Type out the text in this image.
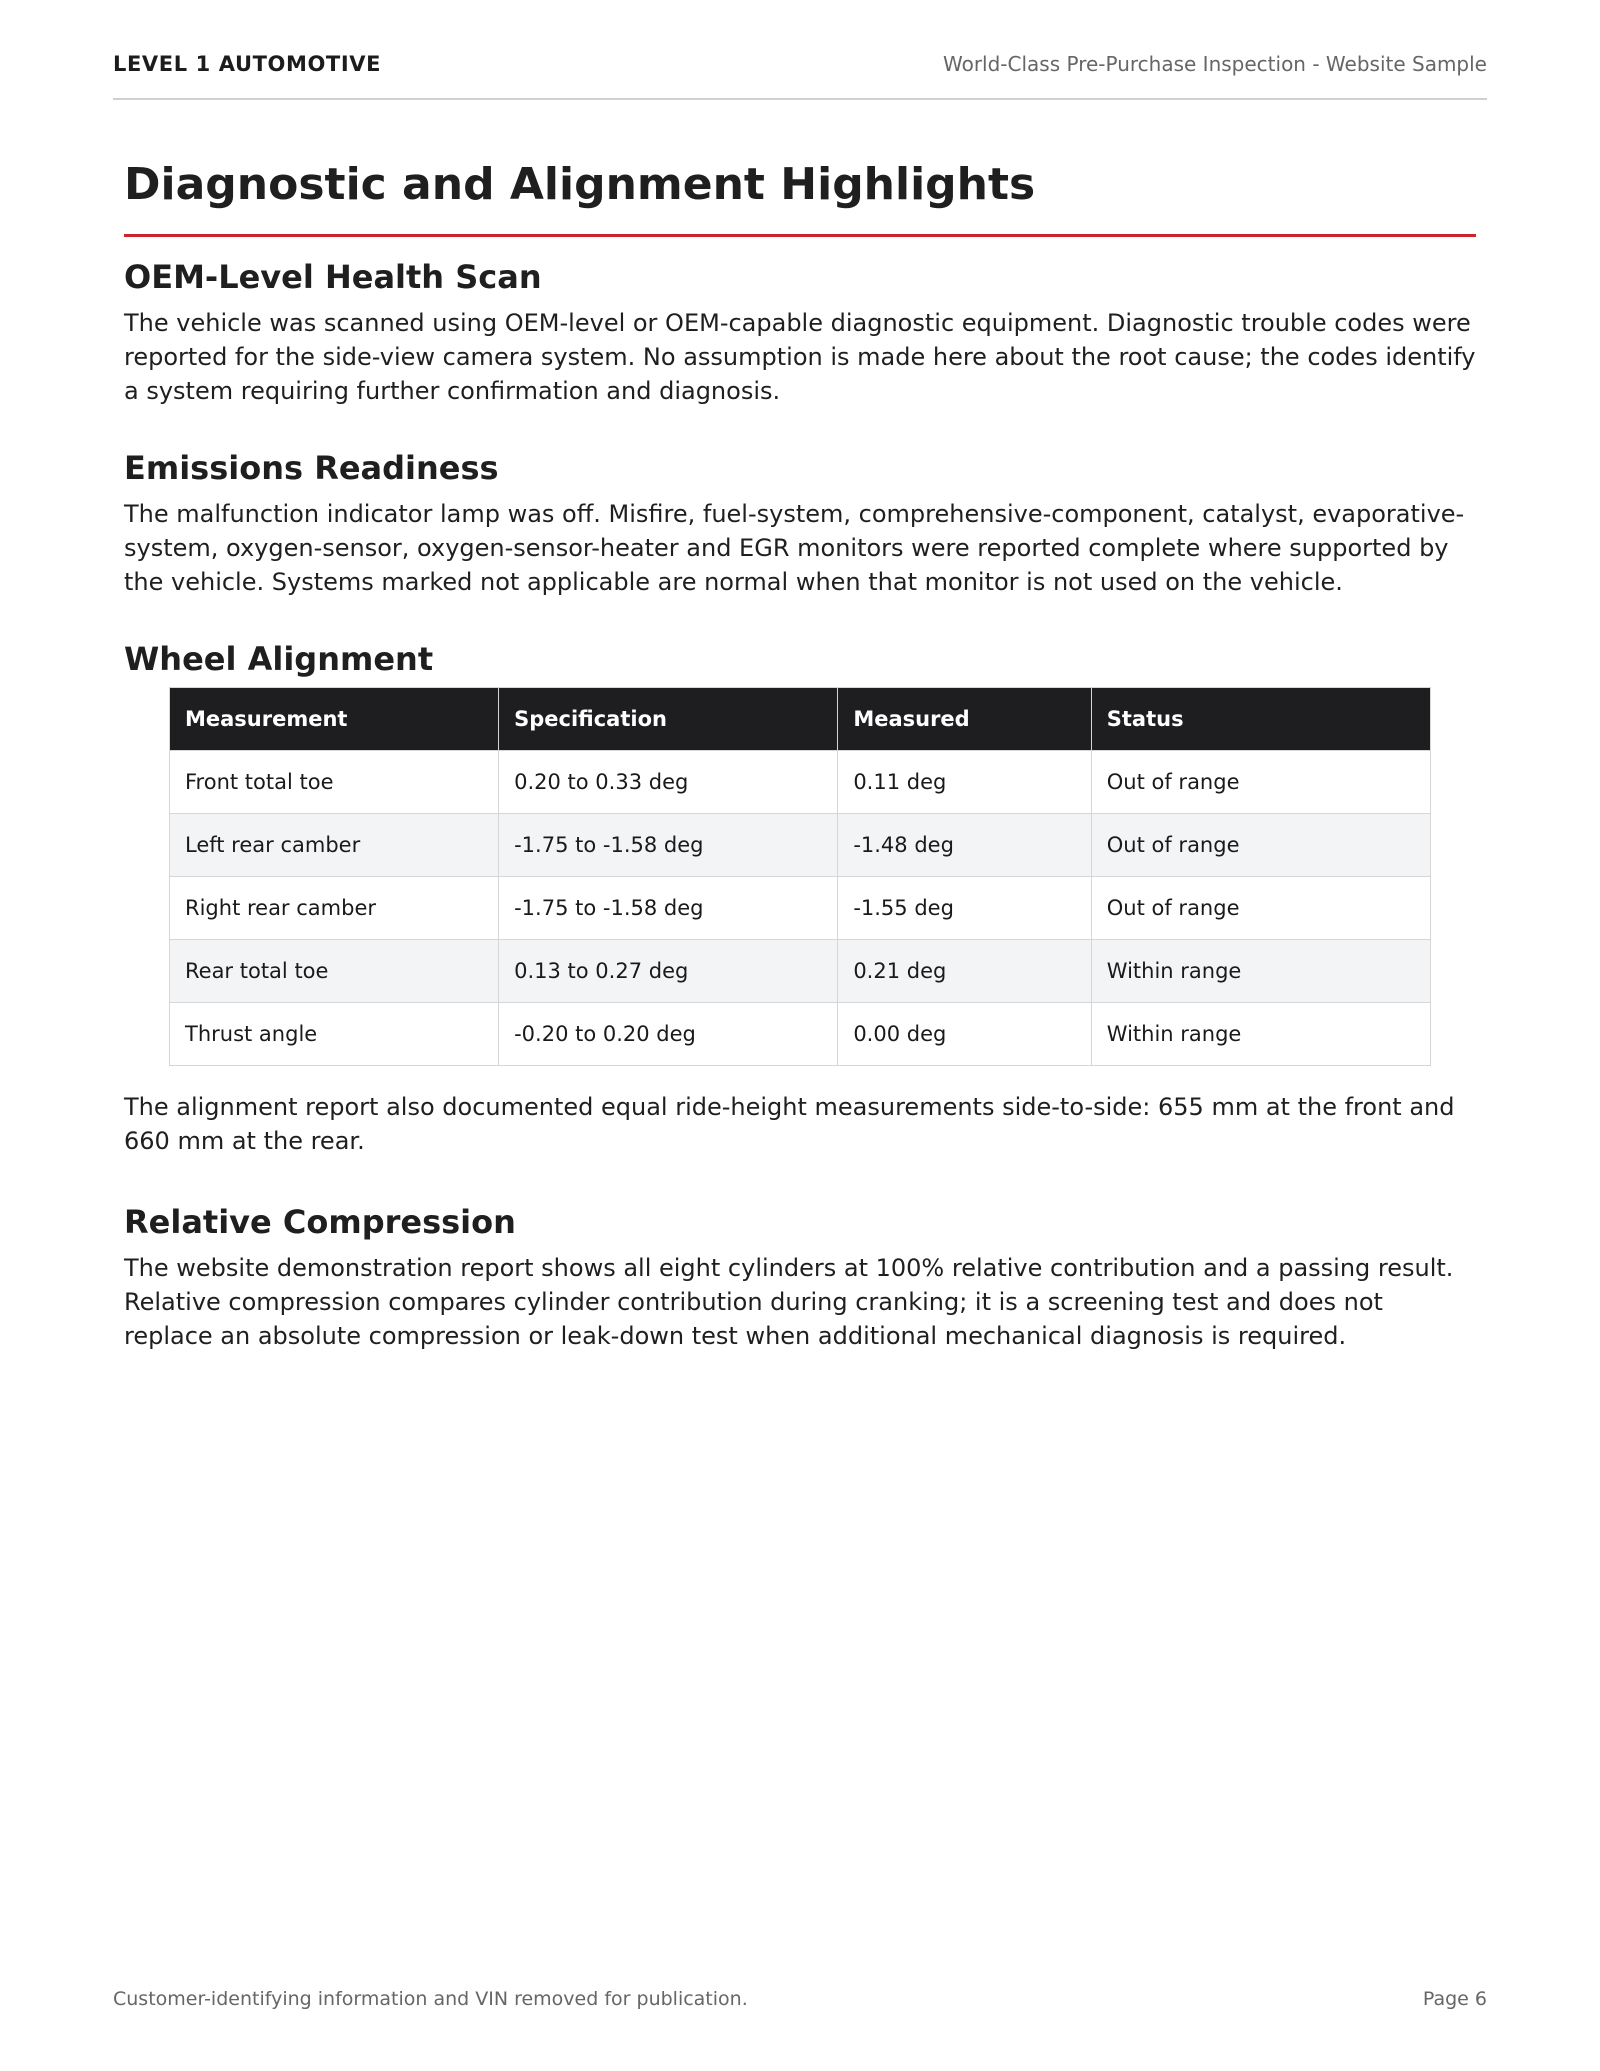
LEVEL 1 AUTOMOTIVE	World-Class Pre-Purchase Inspection - Website Sample
Diagnostic and Alignment Highlights
OEM-Level Health Scan

The vehicle was scanned using OEM-level or OEM-capable diagnostic equipment. Diagnostic trouble codes were reported for the side-view camera system. No assumption is made here about the root cause; the codes identify a system requiring further confirmation and diagnosis.

Emissions Readiness

The malfunction indicator lamp was off. Misfire, fuel-system, comprehensive-component, catalyst, evaporative-system, oxygen-sensor, oxygen-sensor-heater and EGR monitors were reported complete where supported by the vehicle. Systems marked not applicable are normal when that monitor is not used on the vehicle.

Wheel Alignment
Measurement	Specification	Measured	Status
Front total toe	0.20 to 0.33 deg	0.11 deg	Out of range
Left rear camber	-1.75 to -1.58 deg	-1.48 deg	Out of range
Right rear camber	-1.75 to -1.58 deg	-1.55 deg	Out of range
Rear total toe	0.13 to 0.27 deg	0.21 deg	Within range
Thrust angle	-0.20 to 0.20 deg	0.00 deg	Within range

The alignment report also documented equal ride-height measurements side-to-side: 655 mm at the front and 660 mm at the rear.

Relative Compression

The website demonstration report shows all eight cylinders at 100% relative contribution and a passing result. Relative compression compares cylinder contribution during cranking; it is a screening test and does not replace an absolute compression or leak-down test when additional mechanical diagnosis is required.

Customer-identifying information and VIN removed for publication.	Page 6
